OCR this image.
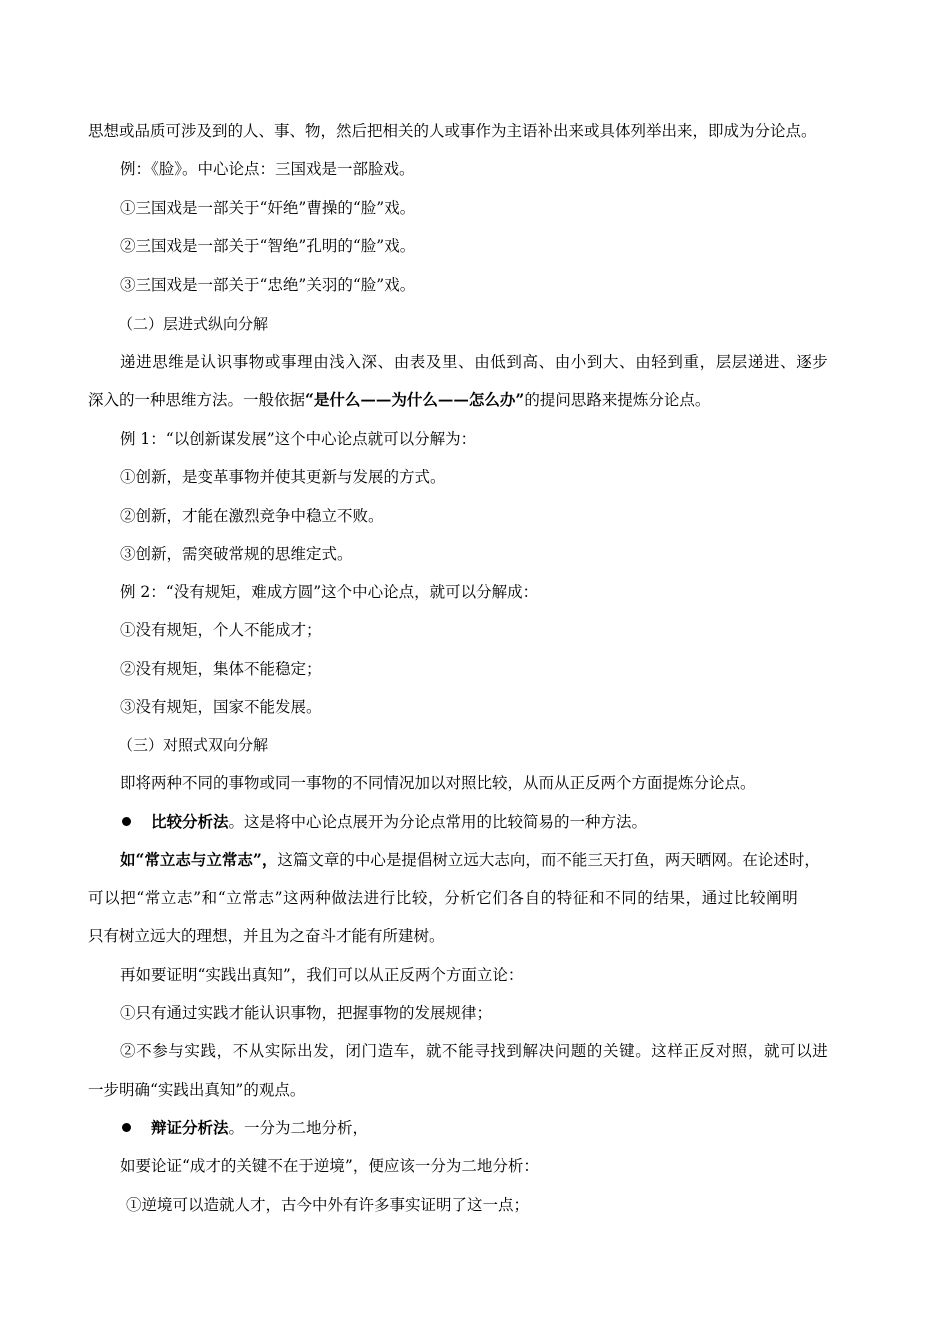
思想或品质可涉及到的人、事、物，然后把相关的人或事作为主语补出来或具体列举出来，即成为分论点。
例：《脸》。中心论点：三国戏是一部脸戏。
①三国戏是一部关于“奸绝”曹操的“脸”戏。
②三国戏是一部关于“智绝”孔明的“脸”戏。
③三国戏是一部关于“忠绝”关羽的“脸”戏。
（二）层进式纵向分解
递进思维是认识事物或事理由浅入深、由表及里、由低到高、由小到大、由轻到重，层层递进、逐步
深入的一种思维方法。一般依据“是什么——为什么——怎么办”的提问思路来提炼分论点。
例 1：“以创新谋发展”这个中心论点就可以分解为：
①创新，是变革事物并使其更新与发展的方式。
②创新，才能在激烈竞争中稳立不败。
③创新，需突破常规的思维定式。
例 2：“没有规矩，难成方圆”这个中心论点，就可以分解成：
①没有规矩，个人不能成才；
②没有规矩，集体不能稳定；
③没有规矩，国家不能发展。
（三）对照式双向分解
即将两种不同的事物或同一事物的不同情况加以对照比较，从而从正反两个方面提炼分论点。
比较分析法。这是将中心论点展开为分论点常用的比较简易的一种方法。
如“常立志与立常志”，这篇文章的中心是提倡树立远大志向，而不能三天打鱼，两天晒网。在论述时，
可以把“常立志”和“立常志”这两种做法进行比较，分析它们各自的特征和不同的结果，通过比较阐明
只有树立远大的理想，并且为之奋斗才能有所建树。
再如要证明“实践出真知”，我们可以从正反两个方面立论：
①只有通过实践才能认识事物，把握事物的发展规律；
②不参与实践，不从实际出发，闭门造车，就不能寻找到解决问题的关键。这样正反对照，就可以进
一步明确“实践出真知”的观点。
辩证分析法。一分为二地分析，
如要论证“成才的关键不在于逆境”，便应该一分为二地分析：
①逆境可以造就人才，古今中外有许多事实证明了这一点；
